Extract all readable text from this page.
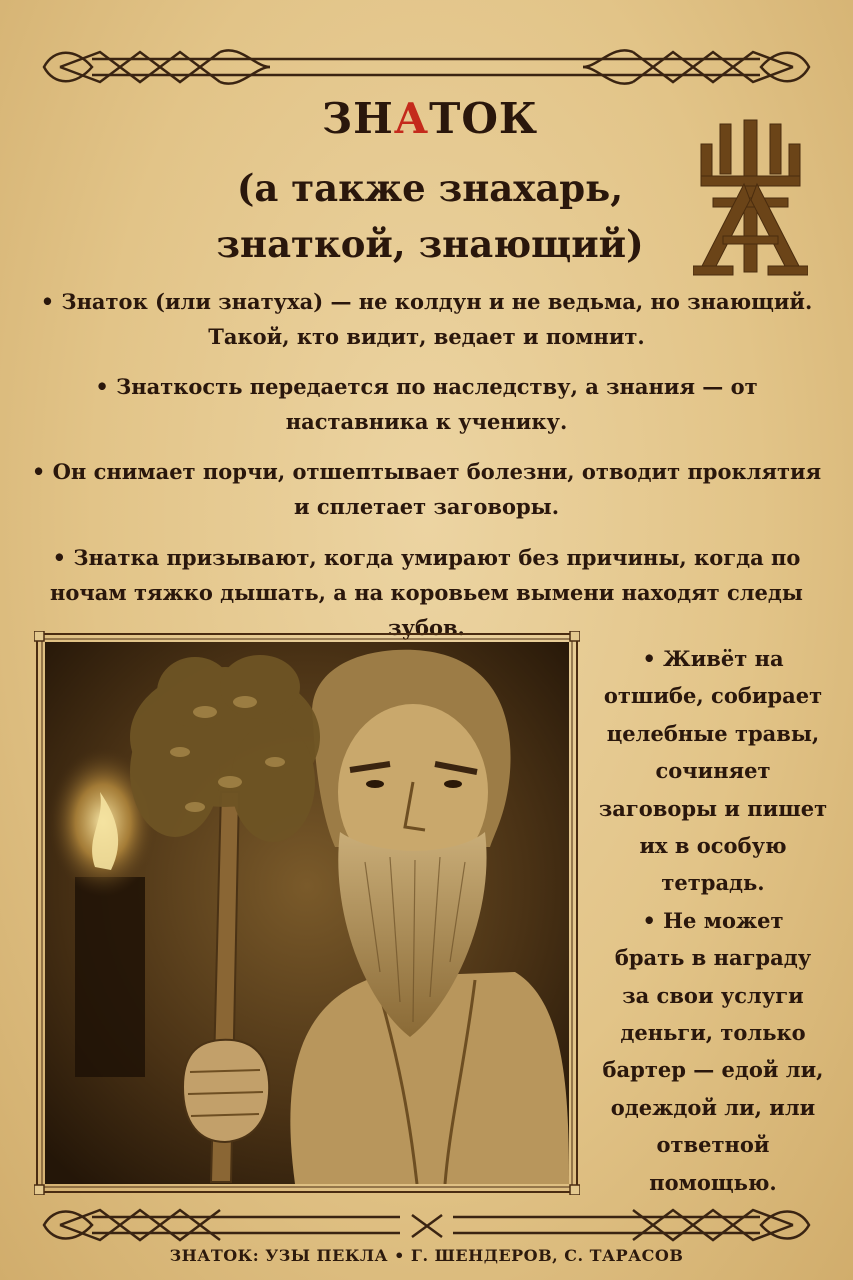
ЗНАТОК
(а также знахарь,
знаткой, знающий)
• Знаток (или знатуха) — не колдун и не ведьма, но знающий. Такой, кто видит, ведает и помнит.
• Знаткость передается по наследству, а знания — от наставника к ученику.
• Он снимает порчи, отшептывает болезни, отводит проклятия и сплетает заговоры.
• Знатка призывают, когда умирают без причины, когда по ночам тяжко дышать, а на коровьем вымени находят следы зубов.
• Живёт на
отшибе, собирает
целебные травы,
сочиняет
заговоры и пишет
их в особую
тетрадь.
• Не может
брать в награду
за свои услуги
деньги, только
бартер — едой ли,
одеждой ли, или
ответной
помощью.
ЗНАТОК: УЗЫ ПЕКЛА • Г. ШЕНДЕРОВ, С. ТАРАСОВ
